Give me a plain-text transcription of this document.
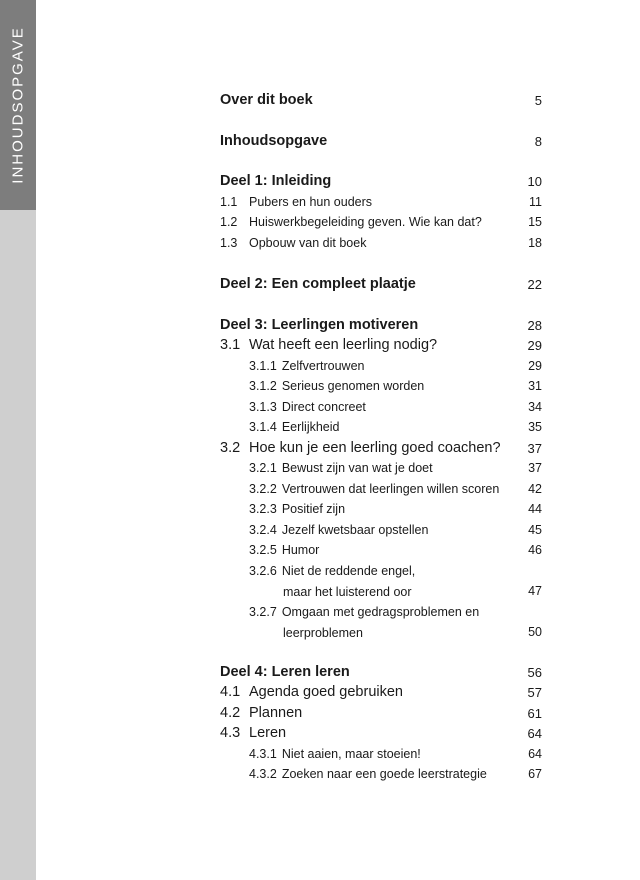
INHOUDSOPGAVE	Over dit boek	5
Inhoudsopgave	8
Deel 1: Inleiding	10
1.1 Pubers en hun ouders	11
1.2 Huiswerkbegeleiding geven. Wie kan dat?	15
1.3 Opbouw van dit boek	18
Deel 2: Een compleet plaatje	22
Deel 3: Leerlingen motiveren	28
3.1 Wat heeft een leerling nodig?	29
3.1.1 Zelfvertrouwen	29
3.1.2 Serieus genomen worden	31
3.1.3 Direct concreet	34
3.1.4 Eerlijkheid	35
3.2 Hoe kun je een leerling goed coachen? 37
3.2.1 Bewust zijn van wat je doet	37
3.2.2 Vertrouwen dat leerlingen willen scoren 42
3.2.3 Positief zijn	44
3.2.4 Jezelf kwetsbaar opstellen	45
3.2.5 Humor	46
3.2.6 Niet de reddende engel,
maar het luisterend oor	47
3.2.7 Omgaan met gedragsproblemen en
leerproblemen	50
Deel 4: Leren leren	56
4.1 Agenda goed gebruiken	57
4.2 Plannen	61
4.3 Leren	64
4.3.1 Niet aaien, maar stoeien!	64
4.3.2 Zoeken naar een goede leerstrategie	67
